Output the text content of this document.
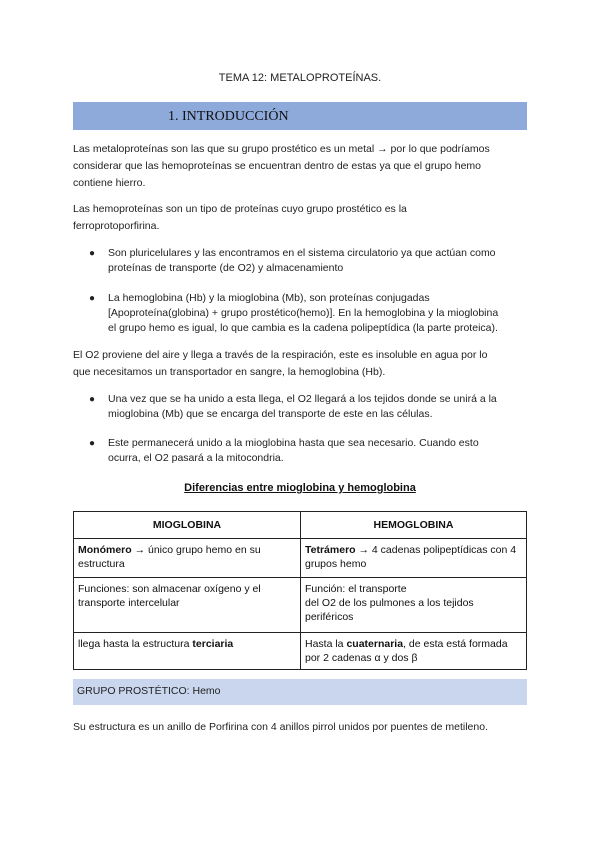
TEMA 12: METALOPROTEÍNAS.
1. INTRODUCCIÓN
Las metaloproteínas son las que su grupo prostético es un metal → por lo que podríamos
considerar que las hemoproteínas se encuentran dentro de estas ya que el grupo hemo
contiene hierro.
Las hemoproteínas son un tipo de proteínas cuyo grupo prostético es la
ferroprotoporfirina.
● Son pluricelulares y las encontramos en el sistema circulatorio ya que actúan como
proteínas de transporte (de O2) y almacenamiento
● La hemoglobina (Hb) y la mioglobina (Mb), son proteínas conjugadas
[Apoproteína(globina) + grupo prostético(hemo)]. En la hemoglobina y la mioglobina
el grupo hemo es igual, lo que cambia es la cadena polipeptídica (la parte proteica).
El O2 proviene del aire y llega a través de la respiración, este es insoluble en agua por lo
que necesitamos un transportador en sangre, la hemoglobina (Hb).
● Una vez que se ha unido a esta llega, el O2 llegará a los tejidos donde se unirá a la
mioglobina (Mb) que se encarga del transporte de este en las células.
● Este permanecerá unido a la mioglobina hasta que sea necesario. Cuando esto
ocurra, el O2 pasará a la mitocondria.
Diferencias entre mioglobina y hemoglobina
MIOGLOBINA	HEMOGLOBINA
Monómero → único grupo hemo en su estructura	Tetrámero → 4 cadenas polipeptídicas con 4 grupos hemo
Funciones: son almacenar oxígeno y el transporte intercelular	Función: el transporte
del O2 de los pulmones a los tejidos periféricos

llega hasta la estructura terciaria	Hasta la cuaternaria, de esta está formada por 2 cadenas α y dos β
GRUPO PROSTÉTICO: Hemo
Su estructura es un anillo de Porfirina con 4 anillos pirrol unidos por puentes de metileno.
